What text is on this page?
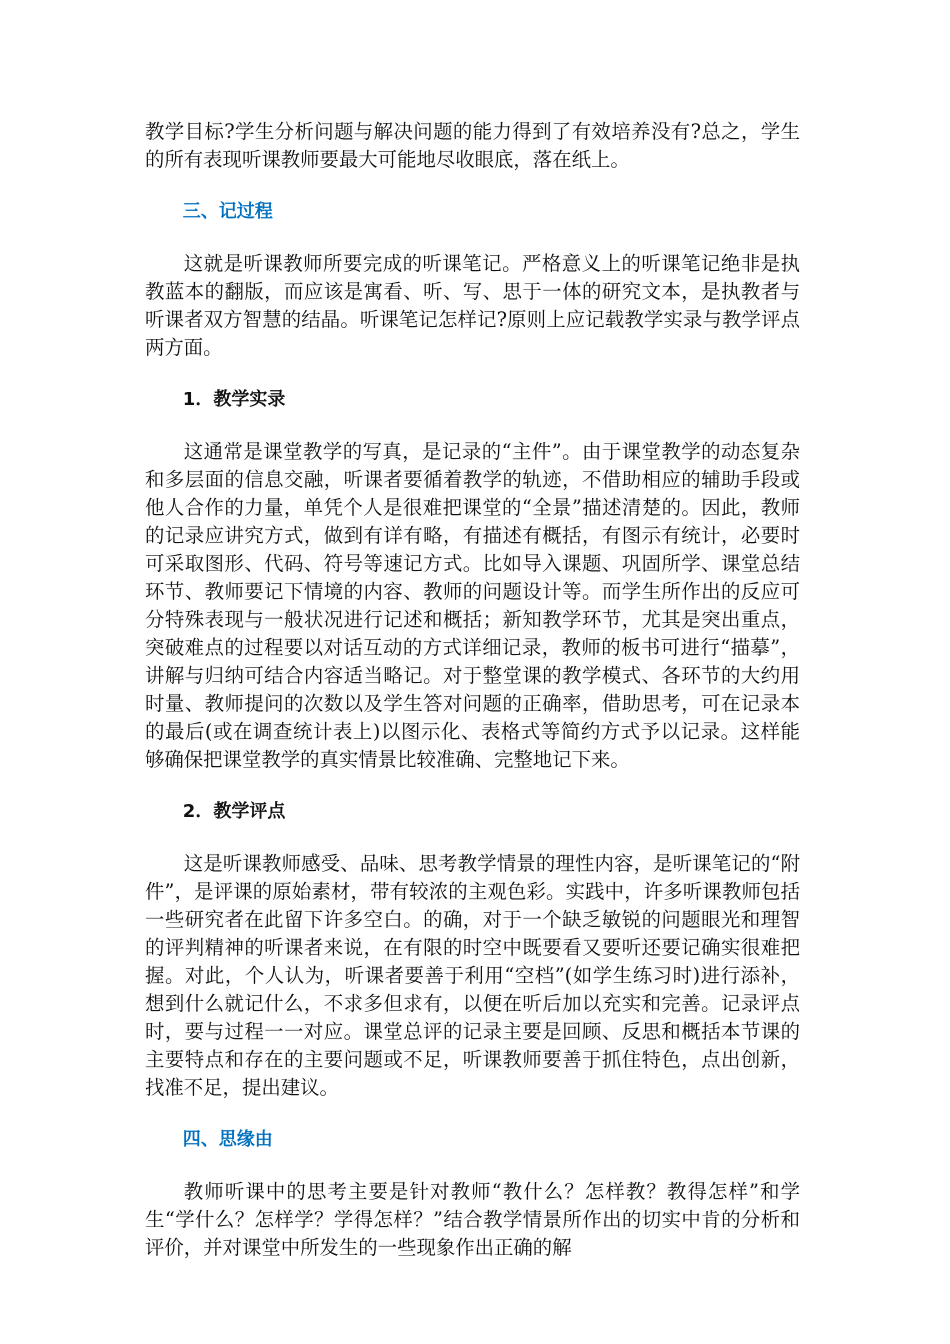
教学目标?学生分析问题与解决问题的能力得到了有效培养没有?总之，学生的所有表现听课教师要最大可能地尽收眼底，落在纸上。

三、记过程

这就是听课教师所要完成的听课笔记。严格意义上的听课笔记绝非是执教蓝本的翻版，而应该是寓看、听、写、思于一体的研究文本，是执教者与听课者双方智慧的结晶。听课笔记怎样记?原则上应记载教学实录与教学评点两方面。

1．教学实录

这通常是课堂教学的写真，是记录的“主件”。由于课堂教学的动态复杂和多层面的信息交融，听课者要循着教学的轨迹，不借助相应的辅助手段或他人合作的力量，单凭个人是很难把课堂的“全景”描述清楚的。因此，教师的记录应讲究方式，做到有详有略，有描述有概括，有图示有统计，必要时可采取图形、代码、符号等速记方式。比如导入课题、巩固所学、课堂总结环节、教师要记下情境的内容、教师的问题设计等。而学生所作出的反应可分特殊表现与一般状况进行记述和概括；新知教学环节，尤其是突出重点，突破难点的过程要以对话互动的方式详细记录，教师的板书可进行“描摹”，讲解与归纳可结合内容适当略记。对于整堂课的教学模式、各环节的大约用时量、教师提问的次数以及学生答对问题的正确率，借助思考，可在记录本的最后(或在调查统计表上)以图示化、表格式等简约方式予以记录。这样能够确保把课堂教学的真实情景比较准确、完整地记下来。

2．教学评点

这是听课教师感受、品味、思考教学情景的理性内容，是听课笔记的“附件”，是评课的原始素材，带有较浓的主观色彩。实践中，许多听课教师包括一些研究者在此留下许多空白。的确，对于一个缺乏敏锐的问题眼光和理智的评判精神的听课者来说，在有限的时空中既要看又要听还要记确实很难把握。对此，个人认为，听课者要善于利用“空档”(如学生练习时)进行添补，想到什么就记什么，不求多但求有，以便在听后加以充实和完善。记录评点时，要与过程一一对应。课堂总评的记录主要是回顾、反思和概括本节课的主要特点和存在的主要问题或不足，听课教师要善于抓住特色，点出创新，找准不足，提出建议。

四、思缘由

教师听课中的思考主要是针对教师“教什么？怎样教？教得怎样”和学生“学什么？怎样学？学得怎样？”结合教学情景所作出的切实中肯的分析和评价，并对课堂中所发生的一些现象作出正确的解
